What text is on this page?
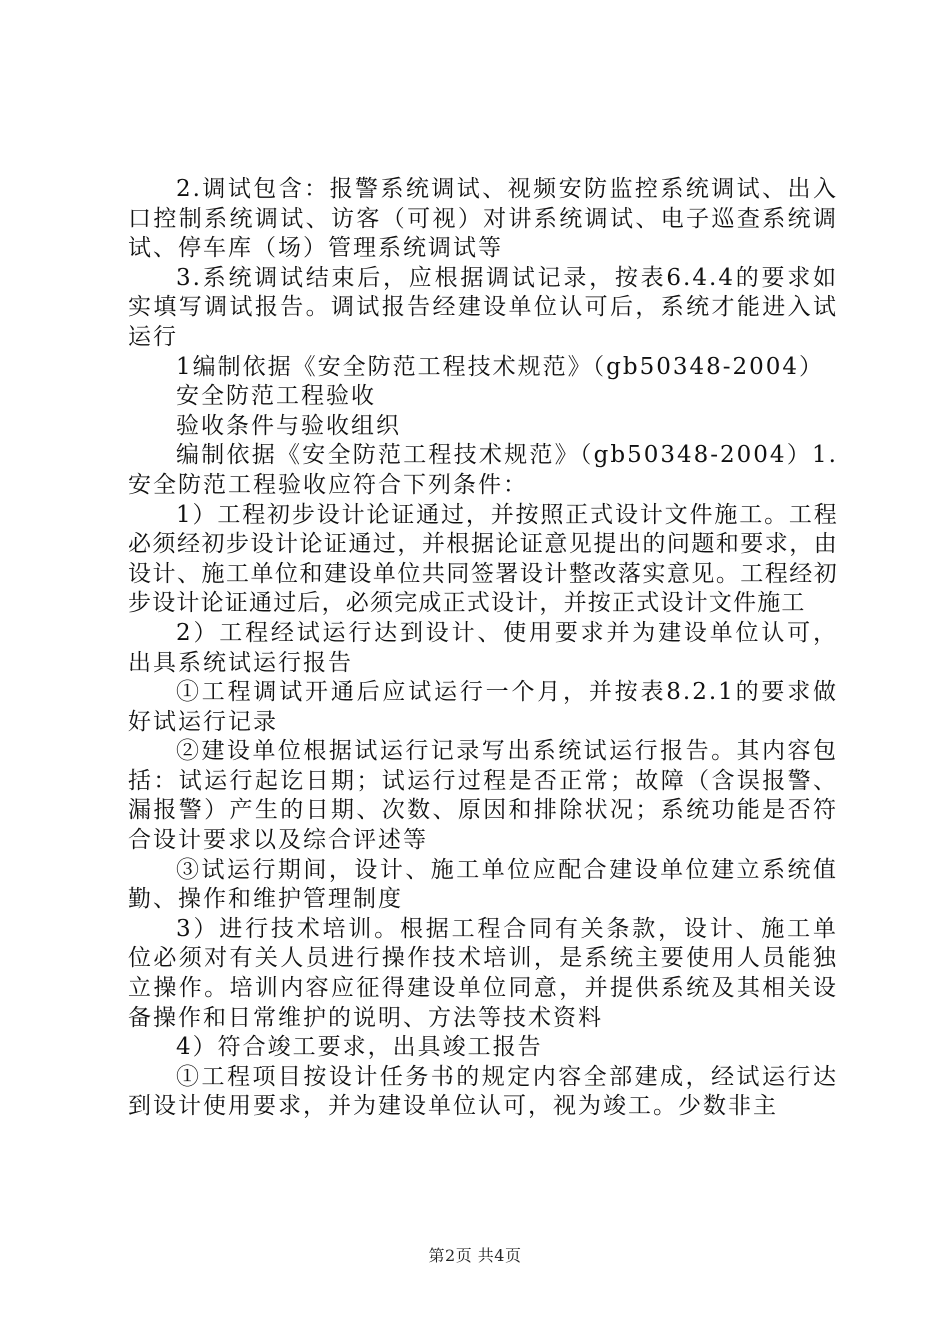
2.调试包含：报警系统调试、视频安防监控系统调试、出入口控制系统调试、访客（可视）对讲系统调试、电子巡查系统调试、停车库（场）管理系统调试等

3.系统调试结束后，应根据调试记录，按表6.4.4的要求如实填写调试报告。调试报告经建设单位认可后，系统才能进入试运行

1编制依据《安全防范工程技术规范》（gb50348-2004）

安全防范工程验收

验收条件与验收组织

编制依据《安全防范工程技术规范》（gb50348-2004）1.安全防范工程验收应符合下列条件：

1）工程初步设计论证通过，并按照正式设计文件施工。工程必须经初步设计论证通过，并根据论证意见提出的问题和要求，由设计、施工单位和建设单位共同签署设计整改落实意见。工程经初步设计论证通过后，必须完成正式设计，并按正式设计文件施工

2）工程经试运行达到设计、使用要求并为建设单位认可，出具系统试运行报告

①工程调试开通后应试运行一个月，并按表8.2.1的要求做好试运行记录

②建设单位根据试运行记录写出系统试运行报告。其内容包括：试运行起讫日期；试运行过程是否正常；故障（含误报警、漏报警）产生的日期、次数、原因和排除状况；系统功能是否符合设计要求以及综合评述等

③试运行期间，设计、施工单位应配合建设单位建立系统值勤、操作和维护管理制度

3）进行技术培训。根据工程合同有关条款，设计、施工单位必须对有关人员进行操作技术培训，是系统主要使用人员能独立操作。培训内容应征得建设单位同意，并提供系统及其相关设备操作和日常维护的说明、方法等技术资料

4）符合竣工要求，出具竣工报告

①工程项目按设计任务书的规定内容全部建成，经试运行达到设计使用要求，并为建设单位认可，视为竣工。少数非主

第2页 共4页
